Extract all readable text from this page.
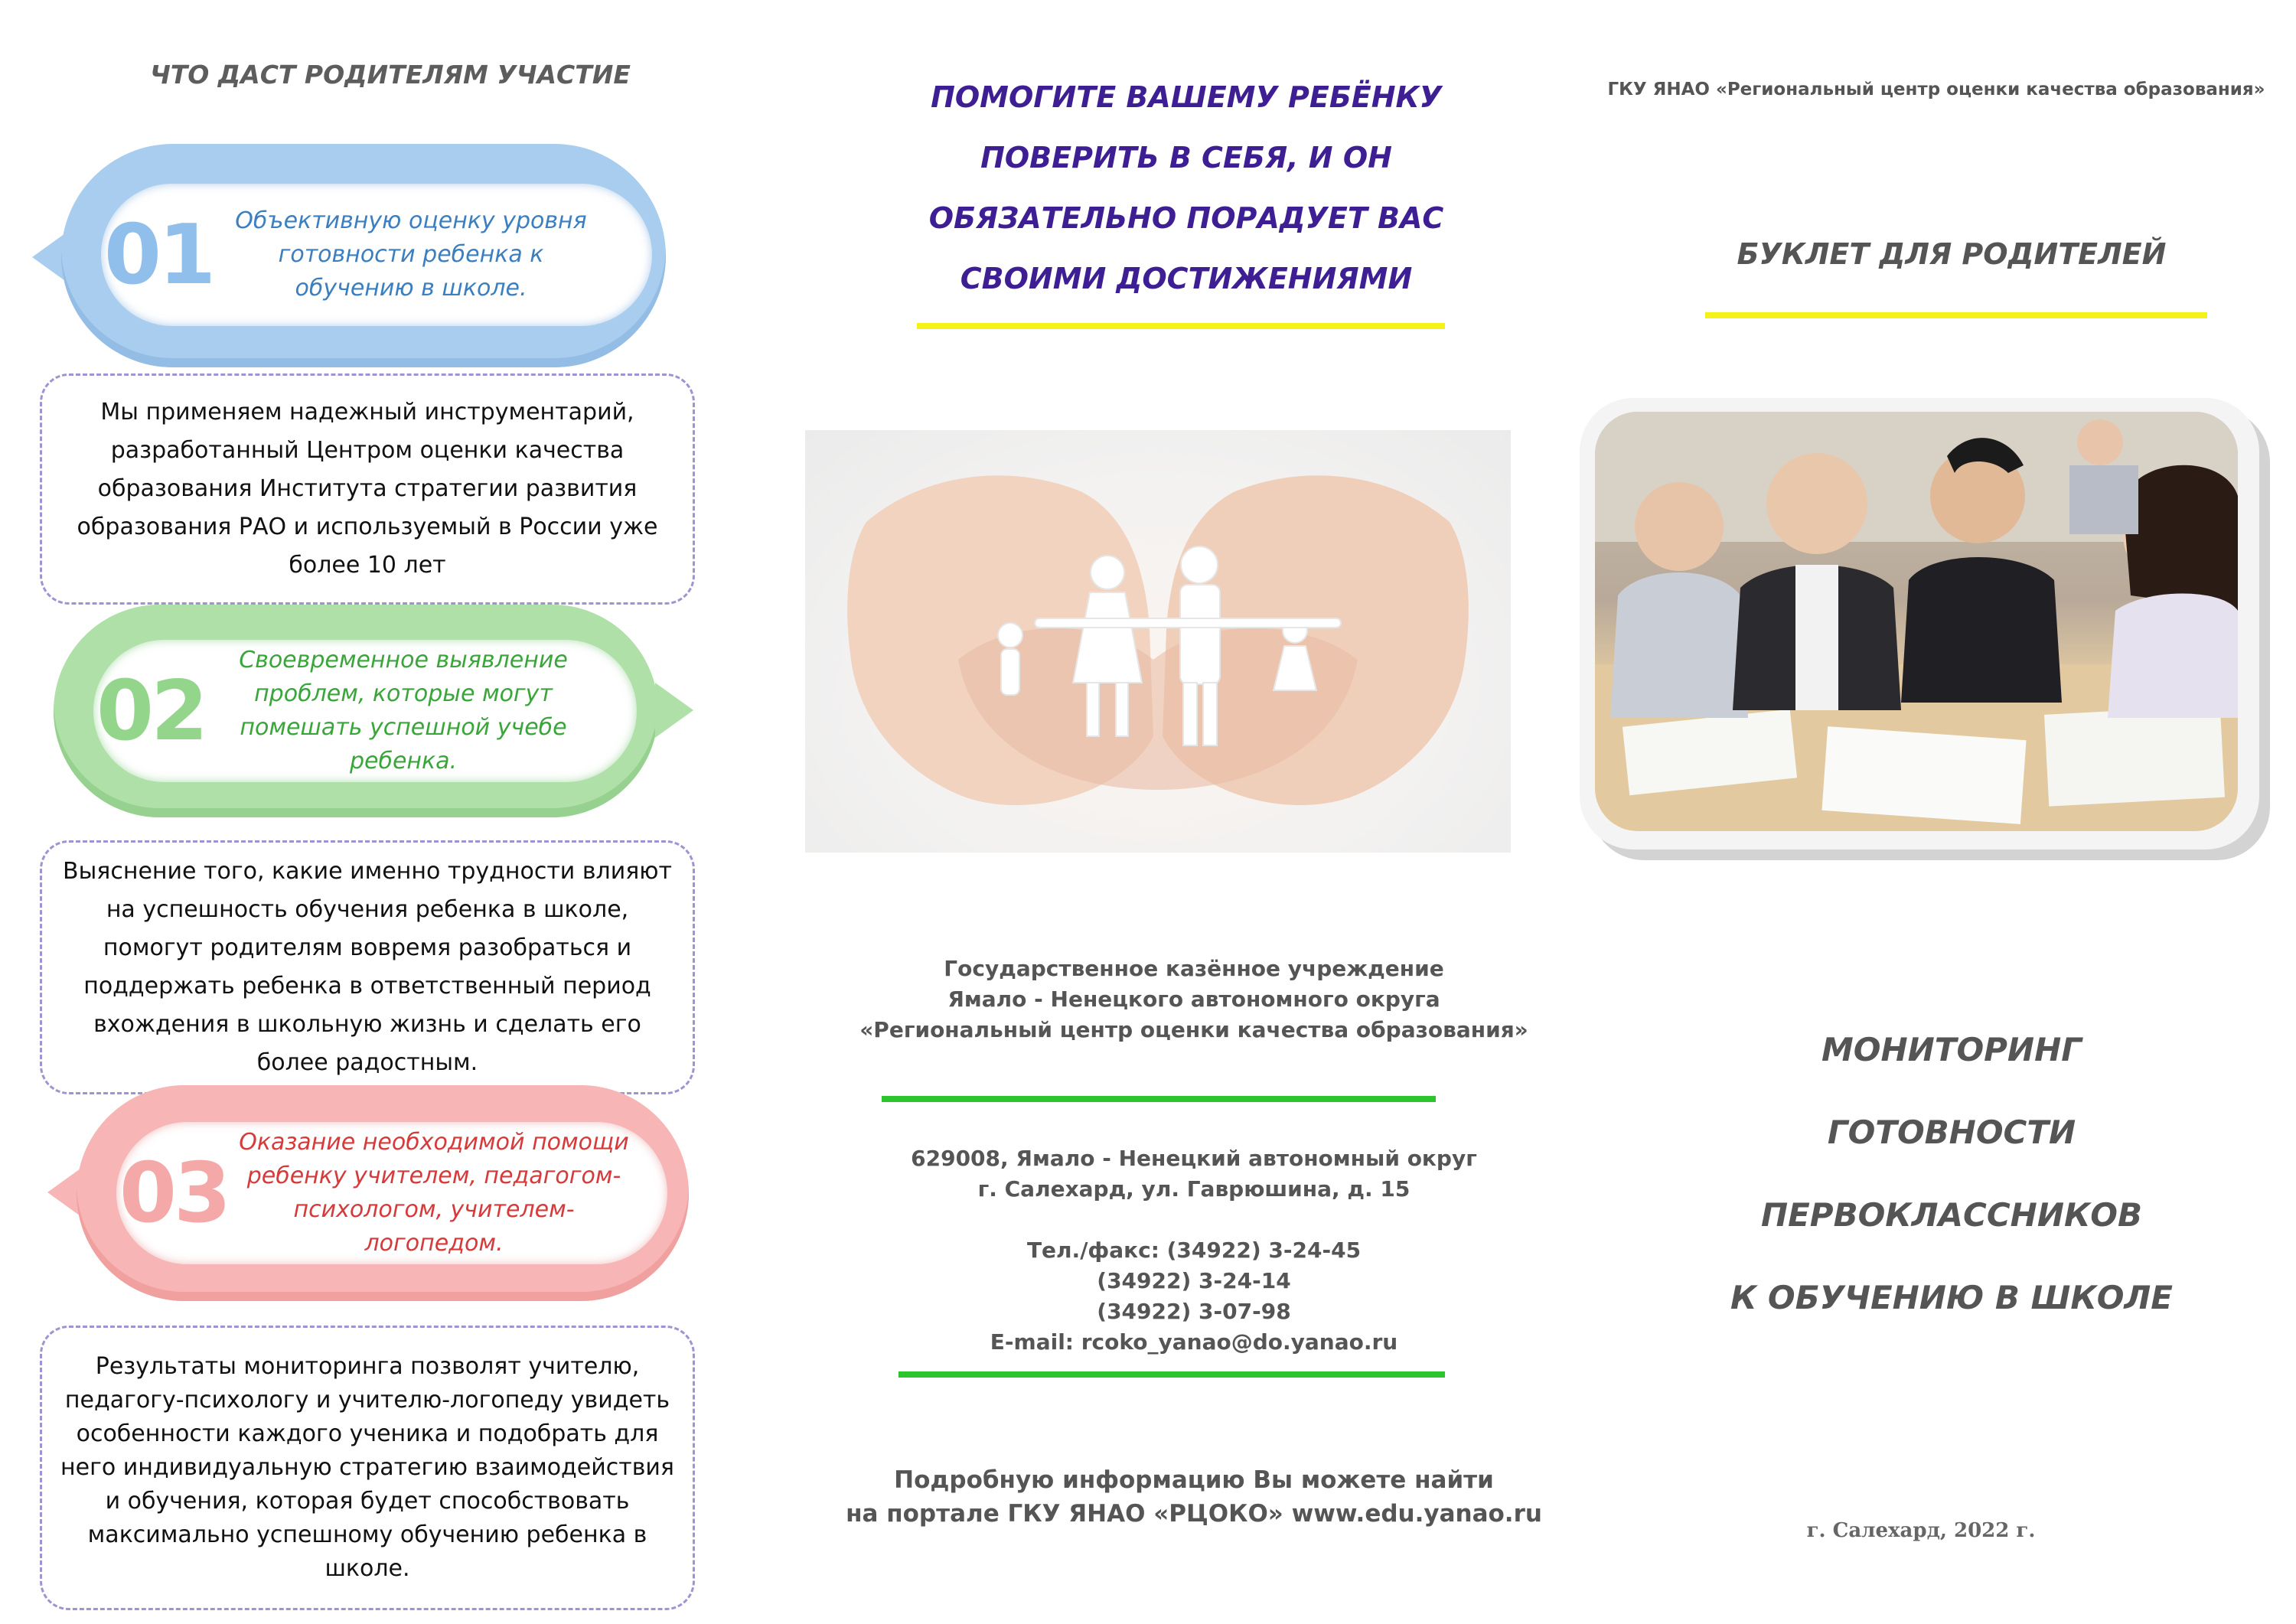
ЧТО ДАСТ РОДИТЕЛЯМ УЧАСТИЕ
01 Объективную оценку уровня готовности ребенка к обучению в школе.
Мы применяем надежный инструментарий, разработанный Центром оценки качества образования Института стратегии развития образования РАО и используемый в России уже более 10 лет
02
Своевременное выявление проблем, которые могут помешать успешной учебе ребенка.
Выяснение того, какие именно трудности влияют на успешность обучения ребенка в школе, помогут родителям вовремя разобраться и поддержать ребенка в ответственный период вхождения в школьную жизнь и сделать его более радостным.
03
Оказание необходимой помощи ребенку учителем, педагогом-психологом, учителем-логопедом.
Результаты мониторинга позволят учителю, педагогу-психологу и учителю-логопеду увидеть особенности каждого ученика и подобрать для него индивидуальную стратегию взаимодействия и обучения, которая будет способствовать максимально успешному обучению ребенка в школе.
ПОМОГИТЕ ВАШЕМУ РЕБЁНКУ
ПОВЕРИТЬ В СЕБЯ, И ОН
ОБЯЗАТЕЛЬНО ПОРАДУЕТ ВАС
СВОИМИ ДОСТИЖЕНИЯМИ
Государственное казённое учреждение
Ямало - Ненецкого автономного округа
«Региональный центр оценки качества образования»
629008, Ямало - Ненецкий автономный округ
г. Салехард, ул. Гаврюшина, д. 15
Тел./факс: (34922) 3-24-45
(34922) 3-24-14
(34922) 3-07-98
E-mail: rcoko_yanao@do.yanao.ru
Подробную информацию Вы можете найти
на портале ГКУ ЯНАО «РЦОКО» www.edu.yanao.ru
ГКУ ЯНАО «Региональный центр оценки качества образования»
БУКЛЕТ ДЛЯ РОДИТЕЛЕЙ
МОНИТОРИНГ
ГОТОВНОСТИ ПЕРВОКЛАССНИКОВ
К ОБУЧЕНИЮ В ШКОЛЕ
г. Салехард, 2022 г.
